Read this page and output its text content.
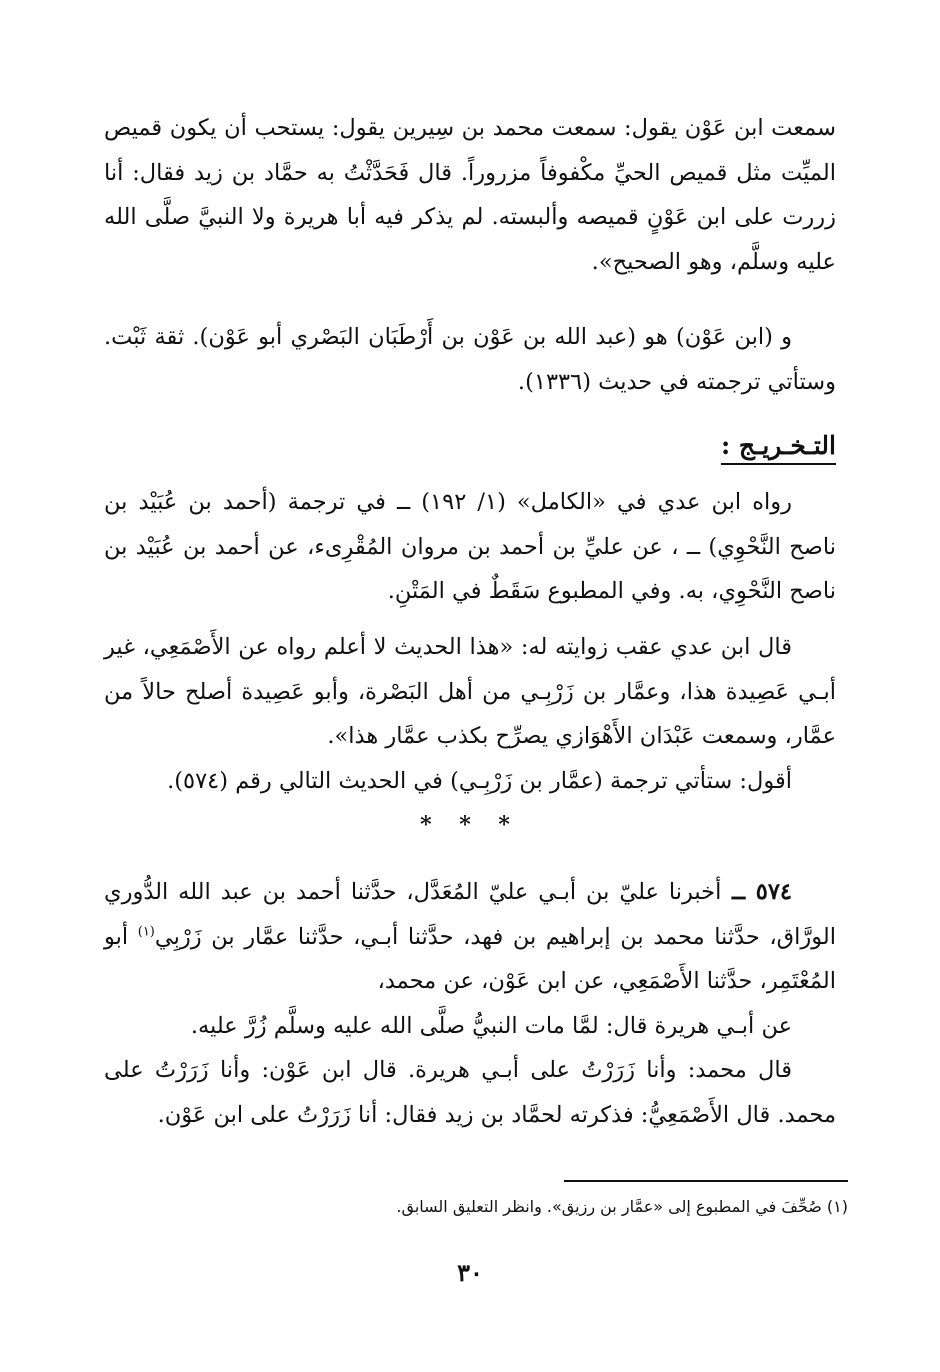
سمعت ابن عَوْن يقول: سمعت محمد بن سِيرين يقول: يستحب أن يكون قميص الميِّت مثل قميص الحيِّ مكْفوفاً مزروراً. قال فَحَدَّثْتُ به حمَّاد بن زيد فقال: أنا زررت على ابن عَوْنٍ قميصه وألبسته. لم يذكر فيه أبا هريرة ولا النبيَّ صلَّى الله عليه وسلَّم، وهو الصحيح».

و (ابن عَوْن) هو (عبد الله بن عَوْن بن أَرْطَبَان البَصْري أبو عَوْن). ثقة ثَبْت. وستأتي ترجمته في حديث (١٣٣٦).

التـخـريـج :

رواه ابن عدي في «الكامل» (١/ ١٩٢) ــ في ترجمة (أحمد بن عُبَيْد بن ناصح النَّحْوِي) ــ ، عن عليِّ بن أحمد بن مروان المُقْرِىء، عن أحمد بن عُبَيْد بن ناصح النَّحْوِي، به. وفي المطبوع سَقَطٌ في المَتْنِ.

قال ابن عدي عقب زوايته له: «هذا الحديث لا أعلم رواه عن الأَصْمَعِي، غير أبـي عَصِيدة هذا، وعمَّار بن زَرْبِـي من أهل البَصْرة، وأبو عَصِيدة أصلح حالاً من عمَّار، وسمعت عَبْدَان الأَهْوَازي يصرِّح بكذب عمَّار هذا».

أقول: ستأتي ترجمة (عمَّار بن زَرْبِـي) في الحديث التالي رقم (٥٧٤).

* * *

٥٧٤ ــ أخبرنا عليّ بن أبـي عليّ المُعَدَّل، حدَّثنا أحمد بن عبد الله الدُّوري الورَّاق، حدَّثنا محمد بن إبراهيم بن فهد، حدَّثنا أبـي، حدَّثنا عمَّار بن زَرْبِي$^{(١)}$ أبو المُعْتَمِر، حدَّثنا الأَصْمَعِي، عن ابن عَوْن، عن محمد،

عن أبـي هريرة قال: لمَّا مات النبيُّ صلَّى الله عليه وسلَّم زُرَّ عليه.

قال محمد: وأنا زَرَرْتُ على أبـي هريرة. قال ابن عَوْن: وأنا زَرَرْتُ على محمد. قال الأَصْمَعِيُّ: فذكرته لحمَّاد بن زيد فقال: أنا زَرَرْتُ على ابن عَوْن.

(١) صُحِّفَ في المطبوع إلى «عمَّار بن رزيق». وانظر التعليق السابق.
٣٠
